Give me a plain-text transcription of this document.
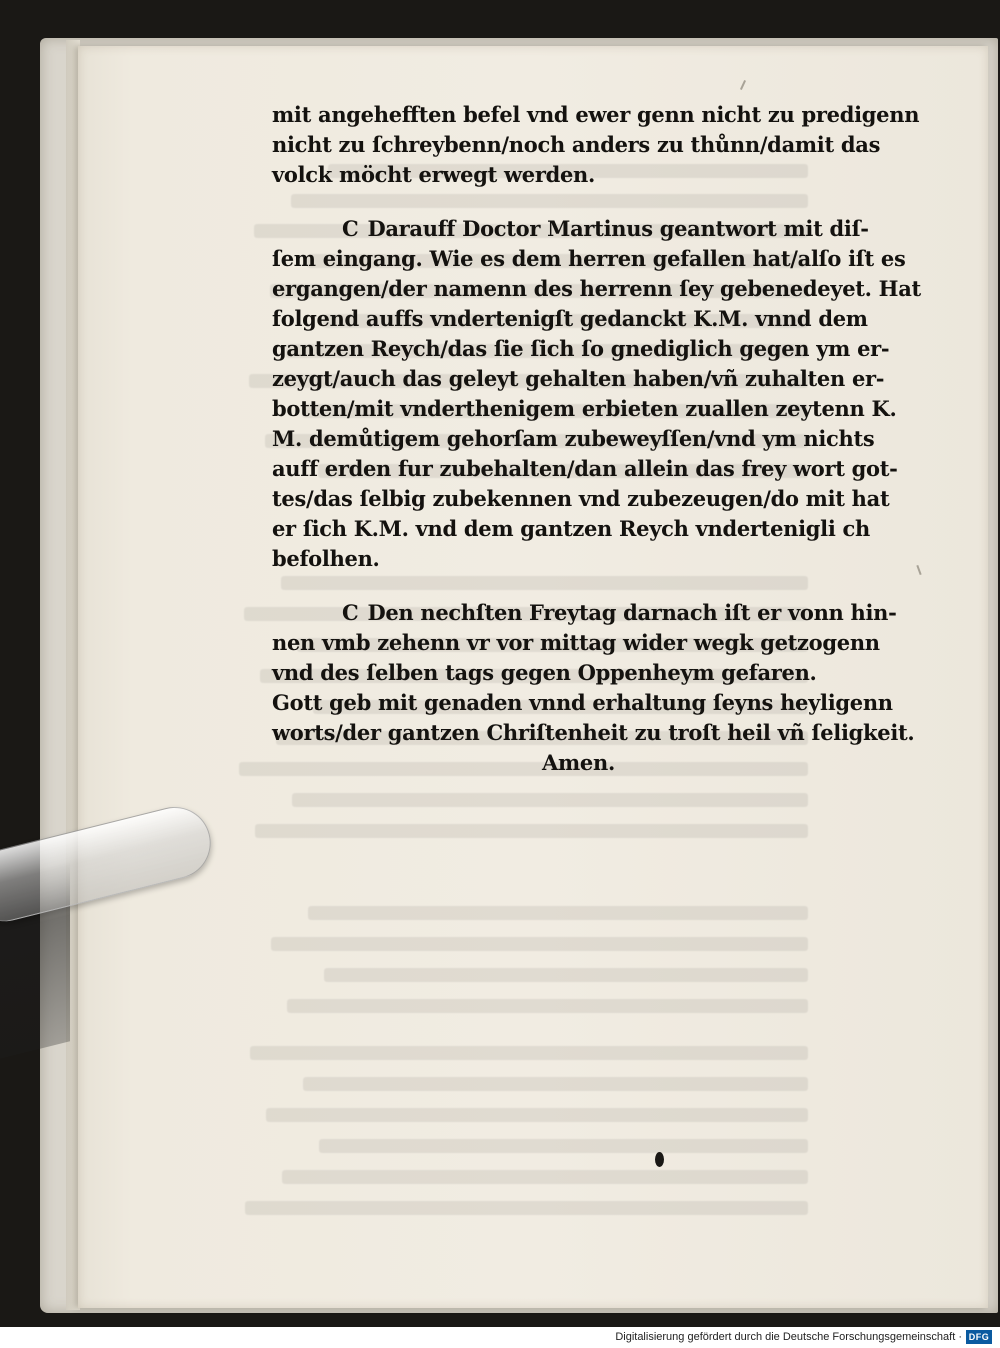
mit angeheﬀten befel vnd ewer genn nicht zu predigenn
nicht zu ſchreybenn/noch anders zu thůnn/damit das
volck möcht erwegt werden.
C Darauff Doctor Martinus geantwort mit diſ-
ſem eingang. Wie es dem herren gefallen hat/alſo iſt es
ergangen/der namenn des herrenn ſey gebenedeyet. Hat
folgend auffs vndertenigſt gedanckt K.M. vnnd dem
gantzen Reych/das ſie ſich ſo gnediglich gegen ym er-
zeygt/auch das geleyt gehalten haben/vñ zuhalten er-
botten/mit vnderthenigem erbieten zuallen zeytenn K.
M. demůtigem gehorſam zubeweyſſen/vnd ym nichts
auff erden fur zubehalten/dan allein das frey wort got-
tes/das ſelbig zubekennen vnd zubezeugen/do mit hat
er ſich K.M. vnd dem gantzen Reych vndertenigli ch
befolhen.
C Den nechſten Freytag darnach iſt er vonn hin-
nen vmb zehenn vr vor mittag wider wegk getzogenn
vnd des ſelben tags gegen Oppenheym gefaren.
Gott geb mit genaden vnnd erhaltung ſeyns heyligenn
worts/der gantzen Chriſtenheit zu troſt heil vñ ſeligkeit.
Amen.
Digitalisierung gefördert durch die Deutsche Forschungsgemeinschaft · DFG
